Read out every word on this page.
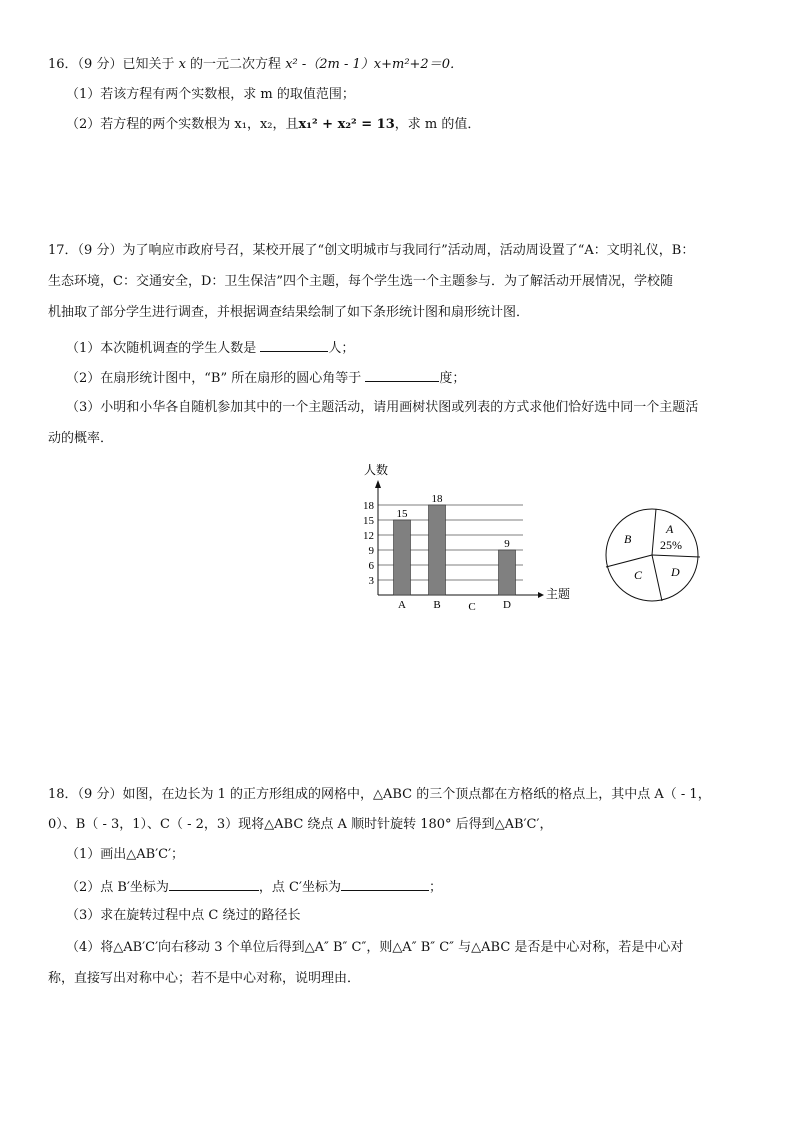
16．（9 分）已知关于 x 的一元二次方程 x² -（2m - 1）x+m²+2＝0．
（1）若该方程有两个实数根，求 m 的取值范围；
（2）若方程的两个实数根为 x₁，x₂，且x₁² + x₂² = 13，求 m 的值．
17．（9 分）为了响应市政府号召，某校开展了“创文明城市与我同行”活动周，活动周设置了“A：文明礼仪，B：
生态环境，C：交通安全，D：卫生保洁”四个主题，每个学生选一个主题参与．为了解活动开展情况，学校随
机抽取了部分学生进行调查，并根据调查结果绘制了如下条形统计图和扇形统计图．
（1）本次随机调查的学生人数是	人；
（2）在扇形统计图中，“B” 所在扇形的圆心角等于	度；
（3）小明和小华各自随机参加其中的一个主题活动，请用画树状图或列表的方式求他们恰好选中同一个主题活
动的概率．
3
6
9
12
15
18
15
A
18
B	C
9
D
人数
主题
A
25%
B
C D
18．（9 分）如图，在边长为 1 的正方形组成的网格中，△ABC 的三个顶点都在方格纸的格点上，其中点 A（ - 1，
0）、B（ - 3，1）、C（ - 2，3）现将△ABC 绕点 A 顺时针旋转 180° 后得到△AB′C′，
（1）画出△AB′C′；
（2）点 B′坐标为	，点 C′坐标为	；
（3）求在旋转过程中点 C 绕过的路径长
（4）将△AB′C′向右移动 3 个单位后得到△A″ B″ C″，则△A″ B″ C″ 与△ABC 是否是中心对称，若是中心对
称，直接写出对称中心；若不是中心对称，说明理由．
